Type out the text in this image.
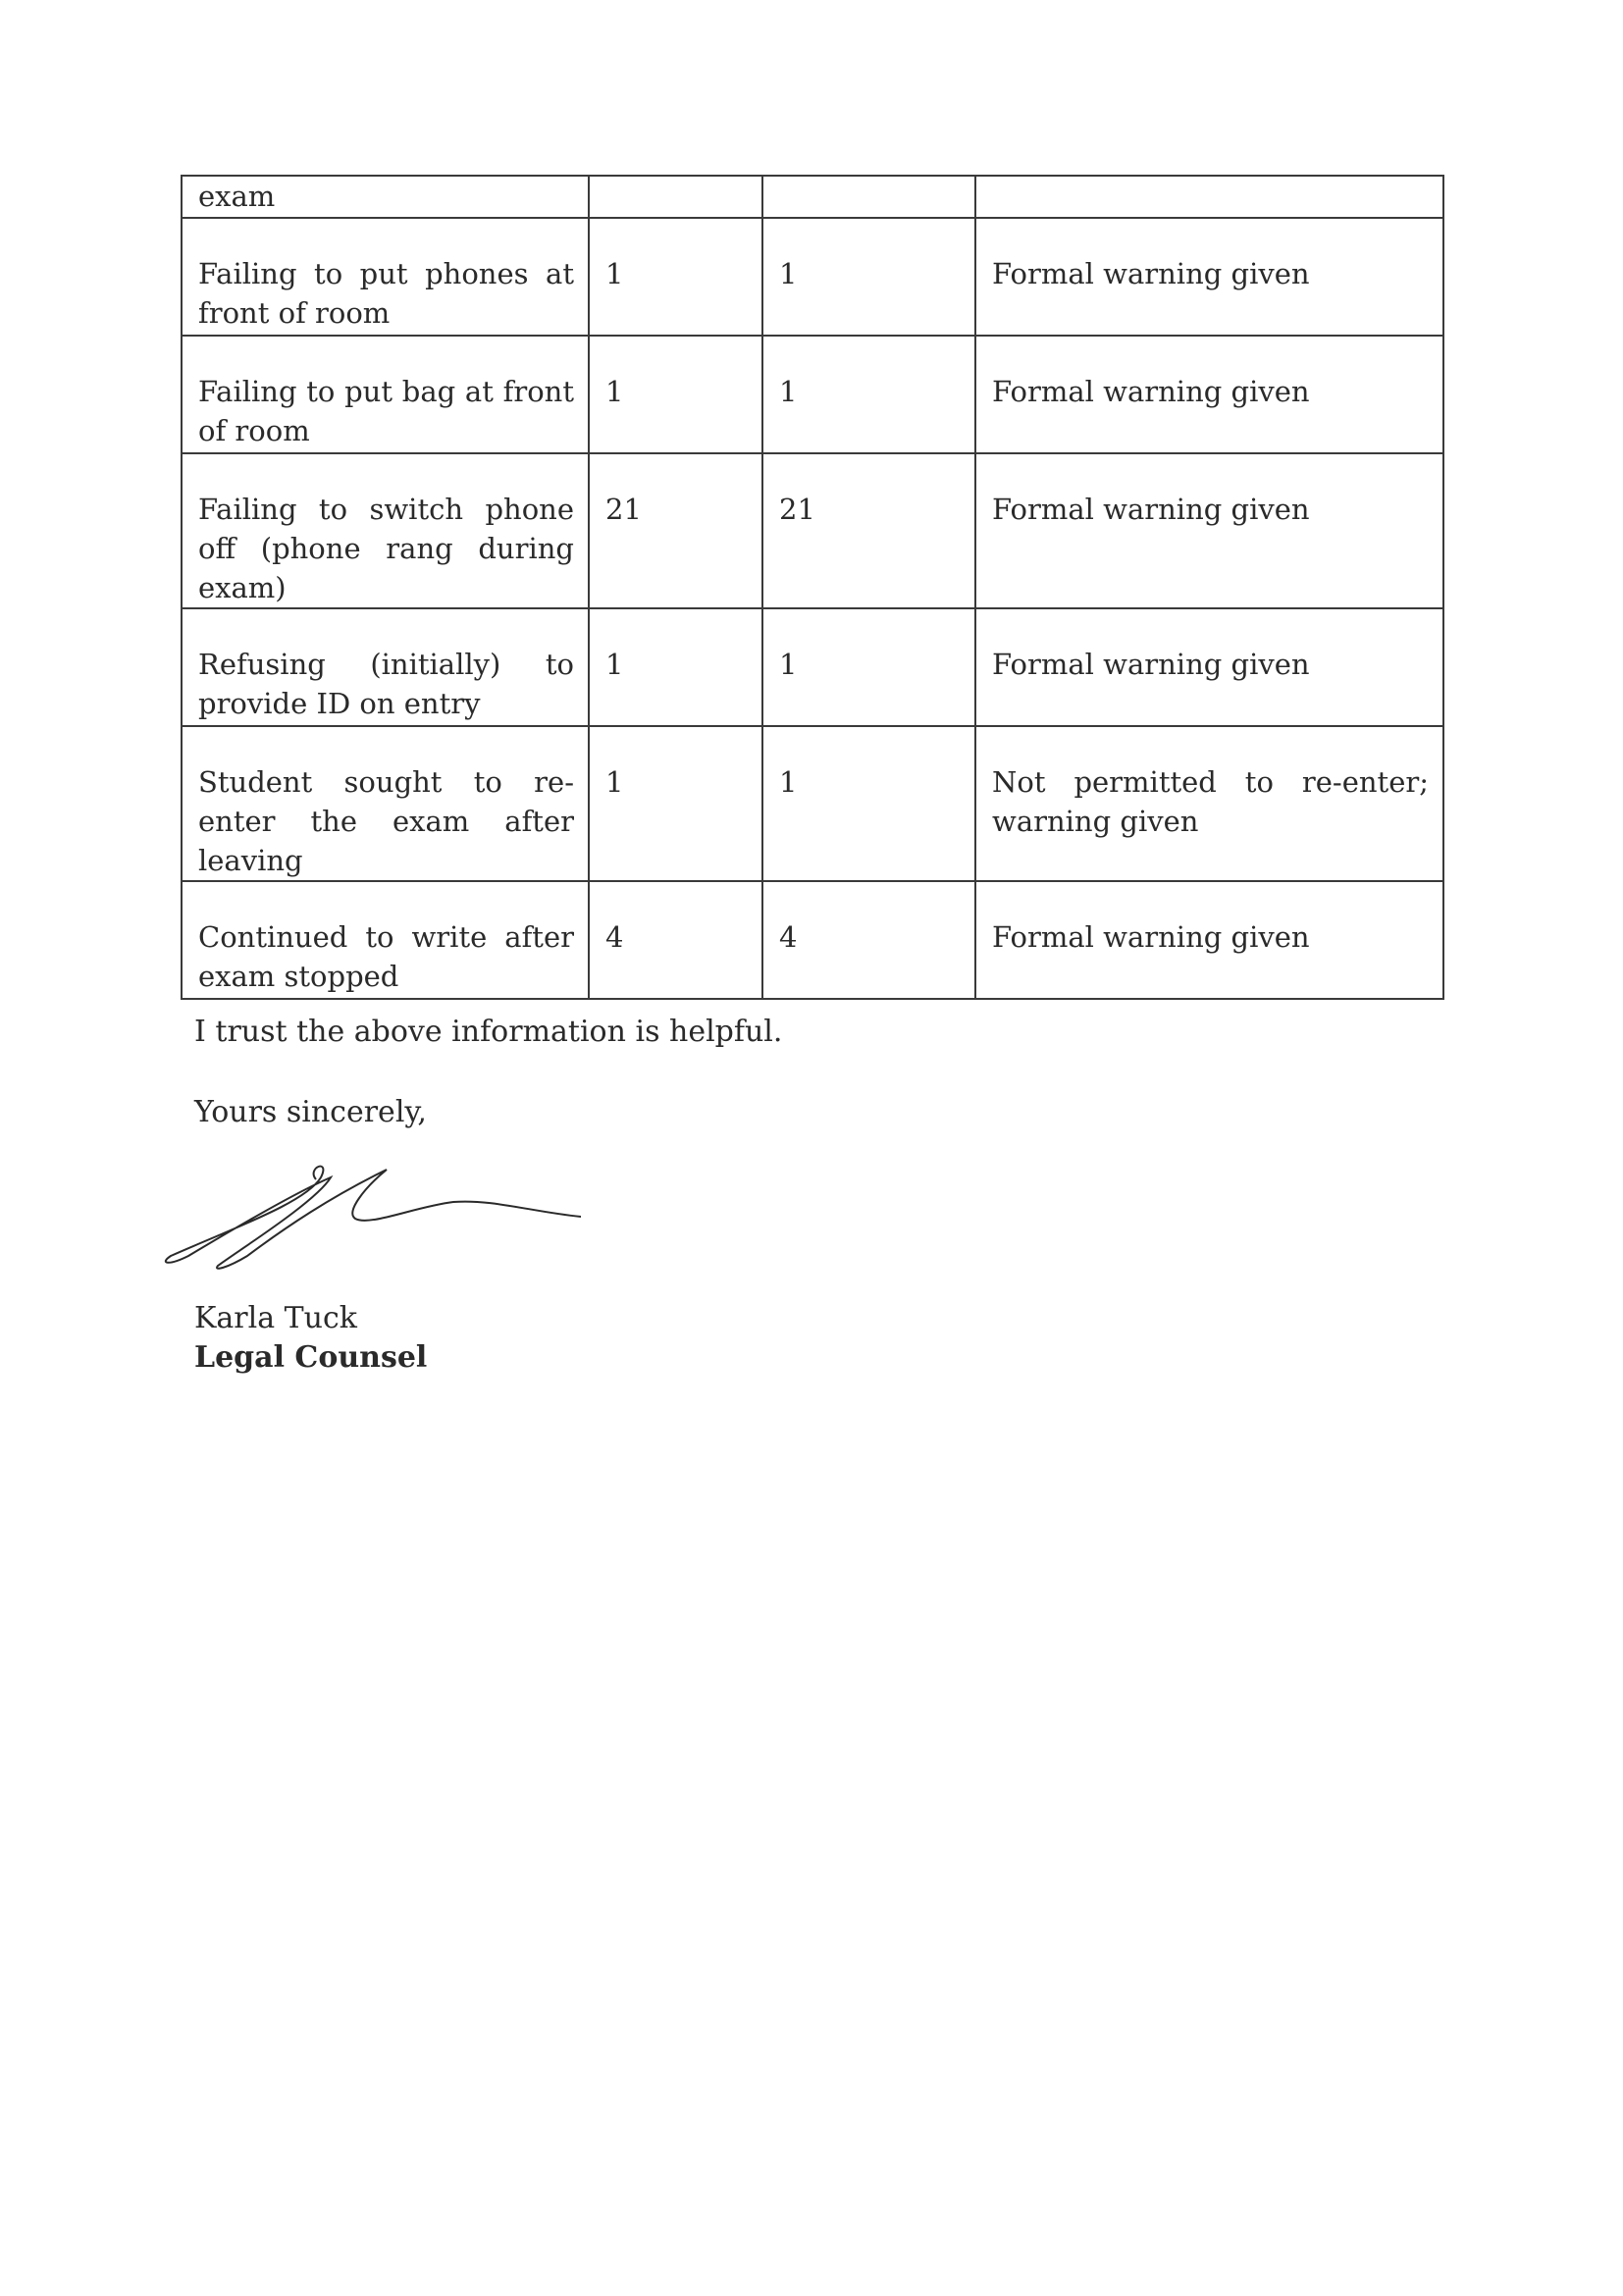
exam			

Failing to put phones at front of room	1	1	Formal warning given

Failing to put bag at front of room	1	1	Formal warning given

Failing to switch phone off (phone rang during exam)	21	21	Formal warning given

Refusing (initially) to provide ID on entry	1	1	Formal warning given

Student sought to re-enter the exam after leaving	1	1	Not permitted to re-enter; warning given

Continued to write after exam stopped	4	4	Formal warning given

I trust the above information is helpful.

Yours sincerely,

Karla Tuck

Legal Counsel
